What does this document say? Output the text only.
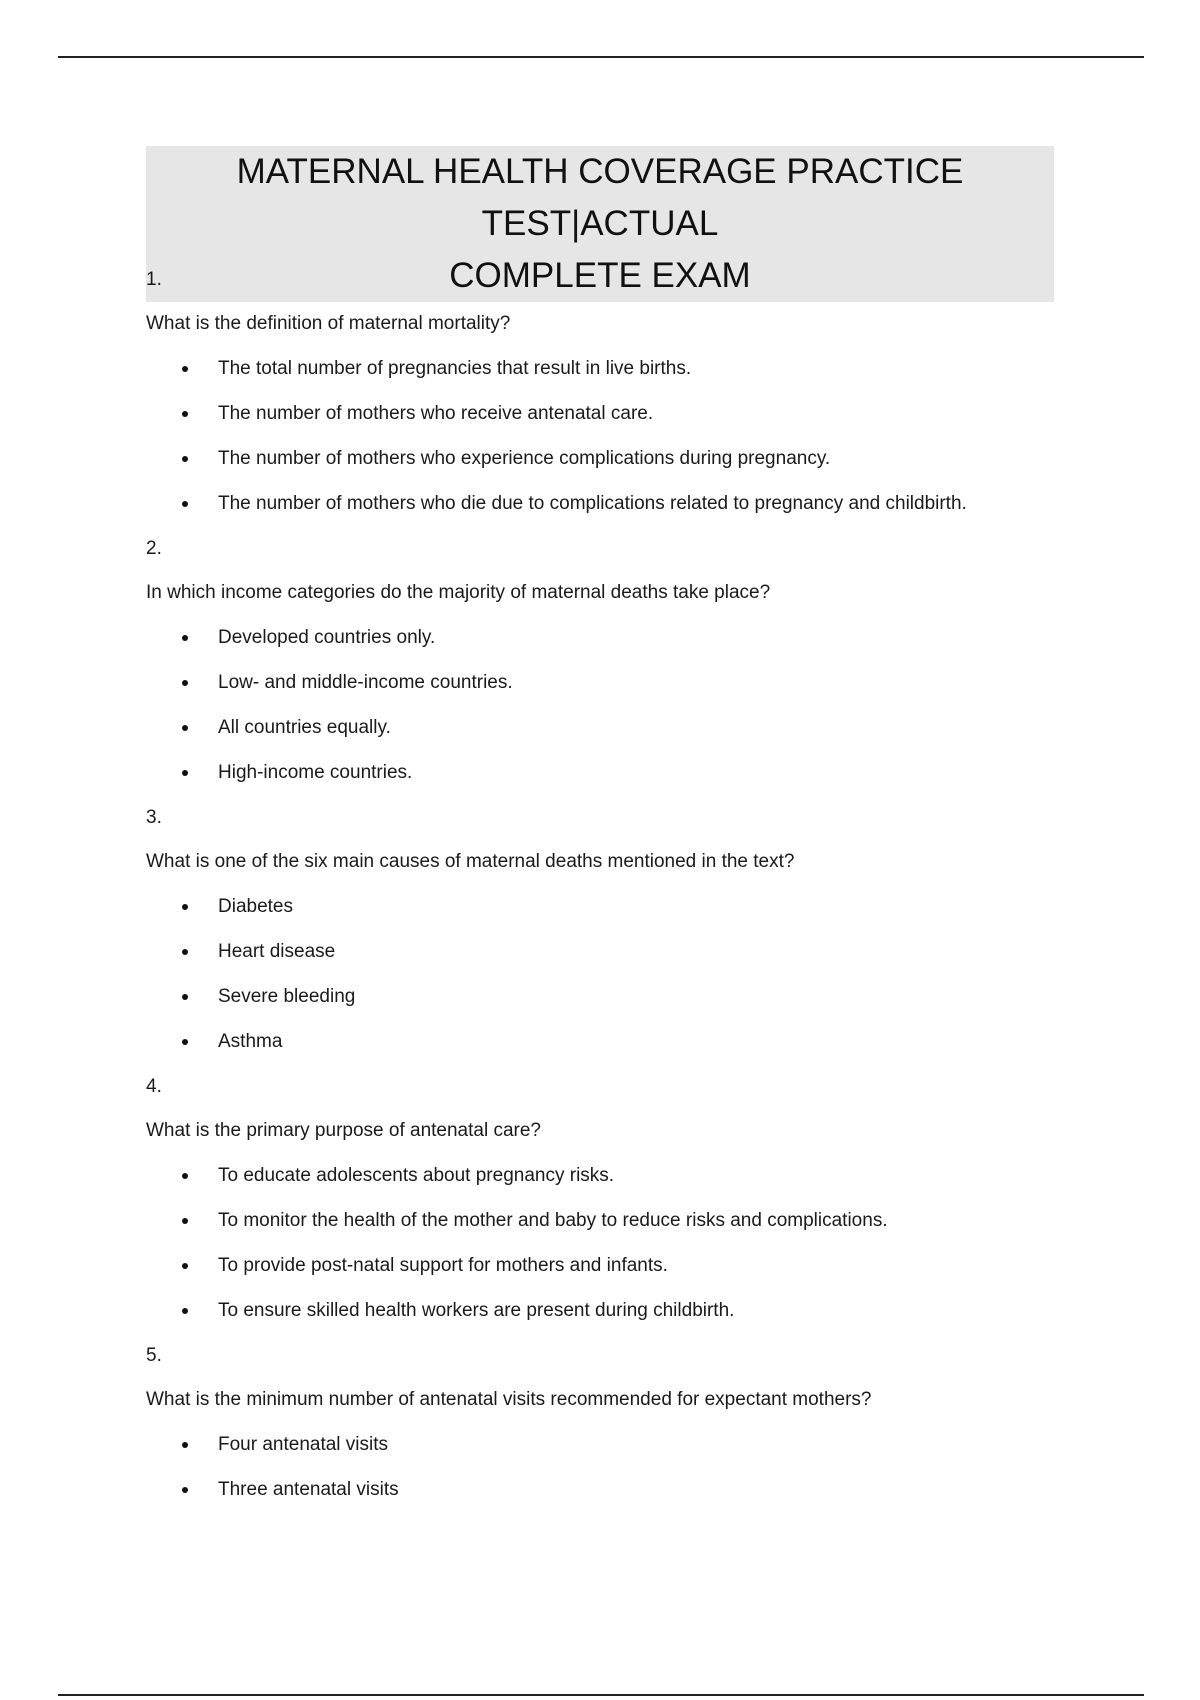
MATERNAL HEALTH COVERAGE PRACTICE TEST|ACTUAL
COMPLETE EXAM
1.
What is the definition of maternal mortality?
The total number of pregnancies that result in live births.
The number of mothers who receive antenatal care.
The number of mothers who experience complications during pregnancy.
The number of mothers who die due to complications related to pregnancy and childbirth.
2.
In which income categories do the majority of maternal deaths take place?
Developed countries only.
Low- and middle-income countries.
All countries equally.
High-income countries.
3.
What is one of the six main causes of maternal deaths mentioned in the text?
Diabetes
Heart disease
Severe bleeding
Asthma
4.
What is the primary purpose of antenatal care?
To educate adolescents about pregnancy risks.
To monitor the health of the mother and baby to reduce risks and complications.
To provide post-natal support for mothers and infants.
To ensure skilled health workers are present during childbirth.
5.
What is the minimum number of antenatal visits recommended for expectant mothers?
Four antenatal visits
Three antenatal visits
